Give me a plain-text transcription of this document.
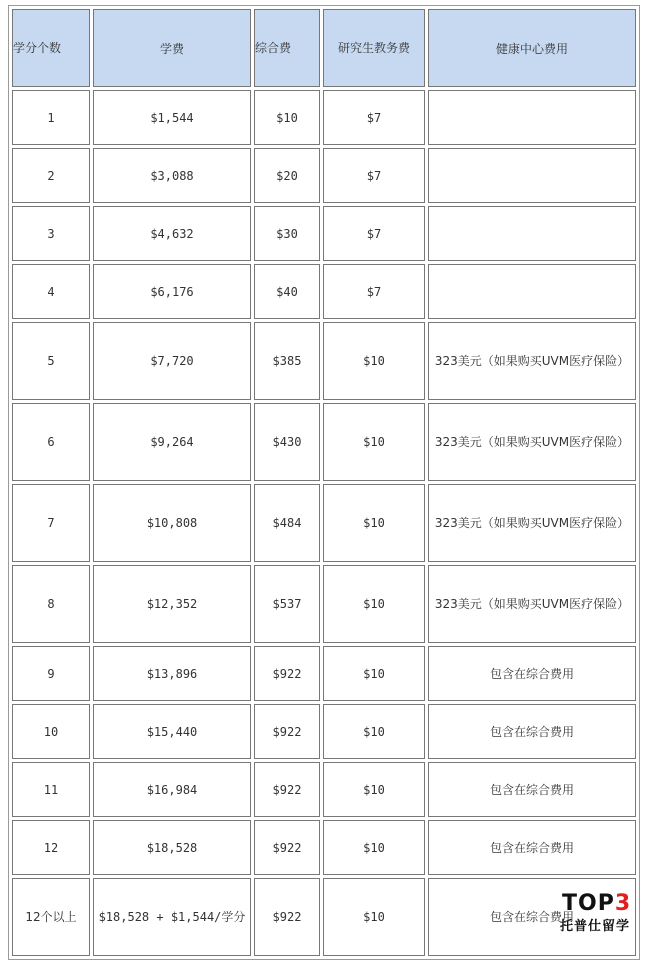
学分个数	学费	综合费	研究生教务费	健康中心费用
1	$1,544	$10	$7	
2	$3,088	$20	$7	
3	$4,632	$30	$7	
4	$6,176	$40	$7	
5	$7,720	$385	$10	323美元（如果购买UVM医疗保险）
6	$9,264	$430	$10	323美元（如果购买UVM医疗保险）
7	$10,808	$484	$10	323美元（如果购买UVM医疗保险）
8	$12,352	$537	$10	323美元（如果购买UVM医疗保险）
9	$13,896	$922	$10	包含在综合费用
10	$15,440	$922	$10	包含在综合费用
11	$16,984	$922	$10	包含在综合费用
12	$18,528	$922	$10	包含在综合费用
12个以上	$18,528 + $1,544/学分	$922	$10	包含在综合费用
TOP3
托普仕留学
